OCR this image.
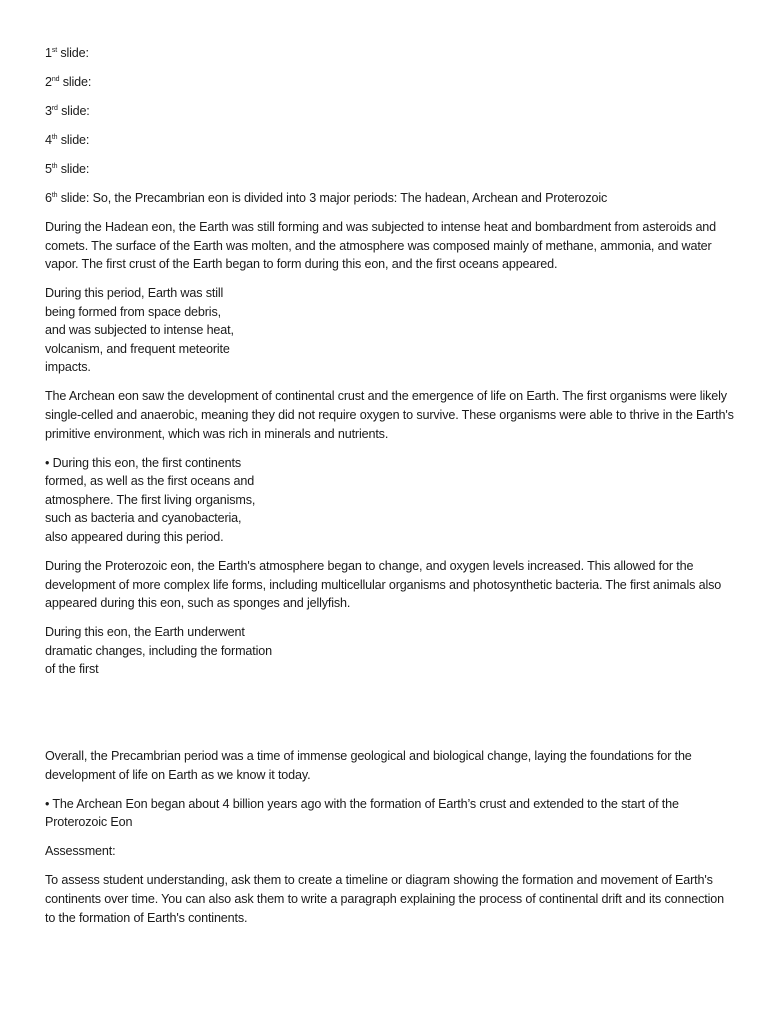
1st slide:
2nd slide:
3rd slide:
4th slide:
5th slide:
6th slide: So, the Precambrian eon is divided into 3 major periods: The hadean, Archean and Proterozoic

During the Hadean eon, the Earth was still forming and was subjected to intense heat and bombardment from asteroids and comets. The surface of the Earth was molten, and the atmosphere was composed mainly of methane, ammonia, and water vapor. The first crust of the Earth began to form during this eon, and the first oceans appeared.

During this period, Earth was still
being formed from space debris,
and was subjected to intense heat,
volcanism, and frequent meteorite
impacts.

The Archean eon saw the development of continental crust and the emergence of life on Earth. The first organisms were likely single-celled and anaerobic, meaning they did not require oxygen to survive. These organisms were able to thrive in the Earth's primitive environment, which was rich in minerals and nutrients.

• During this eon, the first continents
formed, as well as the first oceans and
atmosphere. The first living organisms,
such as bacteria and cyanobacteria,
also appeared during this period.

During the Proterozoic eon, the Earth's atmosphere began to change, and oxygen levels increased. This allowed for the development of more complex life forms, including multicellular organisms and photosynthetic bacteria. The first animals also appeared during this eon, such as sponges and jellyfish.

During this eon, the Earth underwent
dramatic changes, including the formation
of the first

Overall, the Precambrian period was a time of immense geological and biological change, laying the foundations for the development of life on Earth as we know it today.

• The Archean Eon began about 4 billion years ago with the formation of Earth’s crust and extended to the start of the Proterozoic Eon

Assessment:

To assess student understanding, ask them to create a timeline or diagram showing the formation and movement of Earth's continents over time. You can also ask them to write a paragraph explaining the process of continental drift and its connection to the formation of Earth's continents.
